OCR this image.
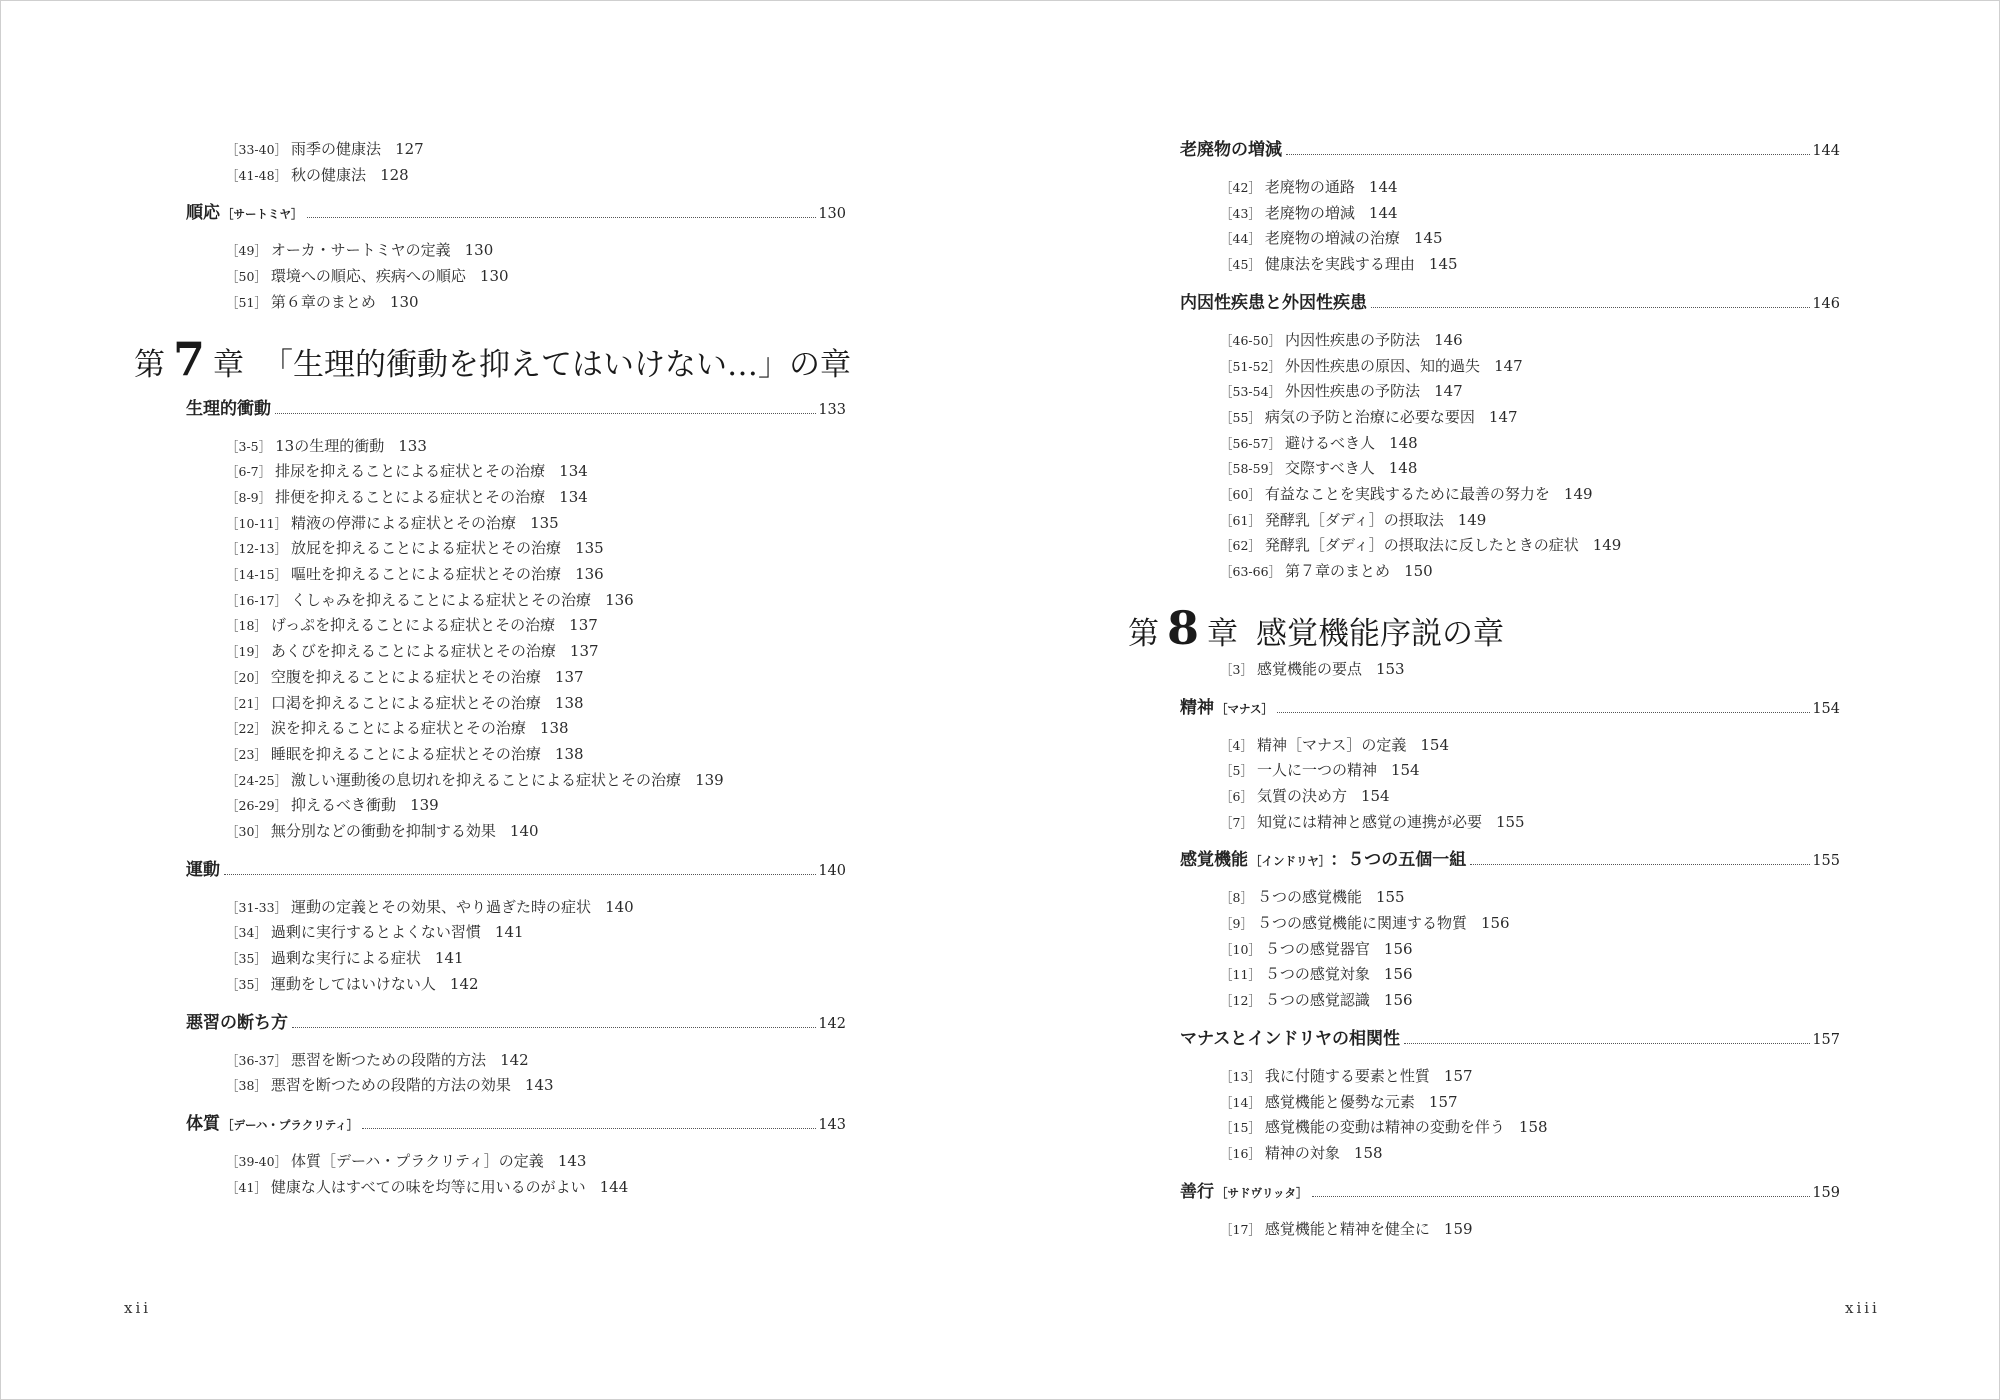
［33-40］ 雨季の健康法 127
［41-48］ 秋の健康法 128
順応 ［サートミヤ］	130
［49］ オーカ・サートミヤの定義 130
［50］ 環境への順応、疾病への順応 130
［51］ 第６章のまとめ 130
第 7 章 「生理的衝動を抑えてはいけない…」の章
生理的衝動	133
［3-5］ 13の生理的衝動 133
［6-7］ 排尿を抑えることによる症状とその治療 134
［8-9］ 排便を抑えることによる症状とその治療 134
［10-11］ 精液の停滞による症状とその治療 135
［12-13］ 放屁を抑えることによる症状とその治療 135
［14-15］ 嘔吐を抑えることによる症状とその治療 136
［16-17］ くしゃみを抑えることによる症状とその治療 136
［18］ げっぷを抑えることによる症状とその治療 137
［19］ あくびを抑えることによる症状とその治療 137
［20］ 空腹を抑えることによる症状とその治療 137
［21］ 口渇を抑えることによる症状とその治療 138
［22］ 涙を抑えることによる症状とその治療 138
［23］ 睡眠を抑えることによる症状とその治療 138
［24-25］ 激しい運動後の息切れを抑えることによる症状とその治療 139
［26-29］ 抑えるべき衝動 139
［30］ 無分別などの衝動を抑制する効果 140
運動	140
［31-33］ 運動の定義とその効果、やり過ぎた時の症状 140
［34］ 過剰に実行するとよくない習慣 141
［35］ 過剰な実行による症状 141
［35］ 運動をしてはいけない人 142
悪習の断ち方	142
［36-37］ 悪習を断つための段階的方法 142
［38］ 悪習を断つための段階的方法の効果 143
体質 ［デーハ・プラクリティ］	143
［39-40］ 体質［デーハ・プラクリティ］の定義 143
［41］ 健康な人はすべての味を均等に用いるのがよい 144
xii
老廃物の増減	144
［42］ 老廃物の通路 144
［43］ 老廃物の増減 144
［44］ 老廃物の増減の治療 145
［45］ 健康法を実践する理由 145
内因性疾患と外因性疾患	146
［46-50］ 内因性疾患の予防法 146
［51-52］ 外因性疾患の原因、知的過失 147
［53-54］ 外因性疾患の予防法 147
［55］ 病気の予防と治療に必要な要因 147
［56-57］ 避けるべき人 148
［58-59］ 交際すべき人 148
［60］ 有益なことを実践するために最善の努力を 149
［61］ 発酵乳［ダディ］の摂取法 149
［62］ 発酵乳［ダディ］の摂取法に反したときの症状 149
［63-66］ 第７章のまとめ 150
第 8 章 感覚機能序説の章
［3］ 感覚機能の要点 153
精神 ［マナス］	154
［4］ 精神［マナス］の定義 154
［5］ 一人に一つの精神 154
［6］ 気質の決め方 154
［7］ 知覚には精神と感覚の連携が必要 155
感覚機能 ［インドリヤ］ ：５つの五個一組	155
［8］ ５つの感覚機能 155
［9］ ５つの感覚機能に関連する物質 156
［10］ ５つの感覚器官 156
［11］ ５つの感覚対象 156
［12］ ５つの感覚認識 156
マナスとインドリヤの相関性	157
［13］ 我に付随する要素と性質 157
［14］ 感覚機能と優勢な元素 157
［15］ 感覚機能の変動は精神の変動を伴う 158
［16］ 精神の対象 158
善行 ［サドヴリッタ］	159
［17］ 感覚機能と精神を健全に 159
xiii
